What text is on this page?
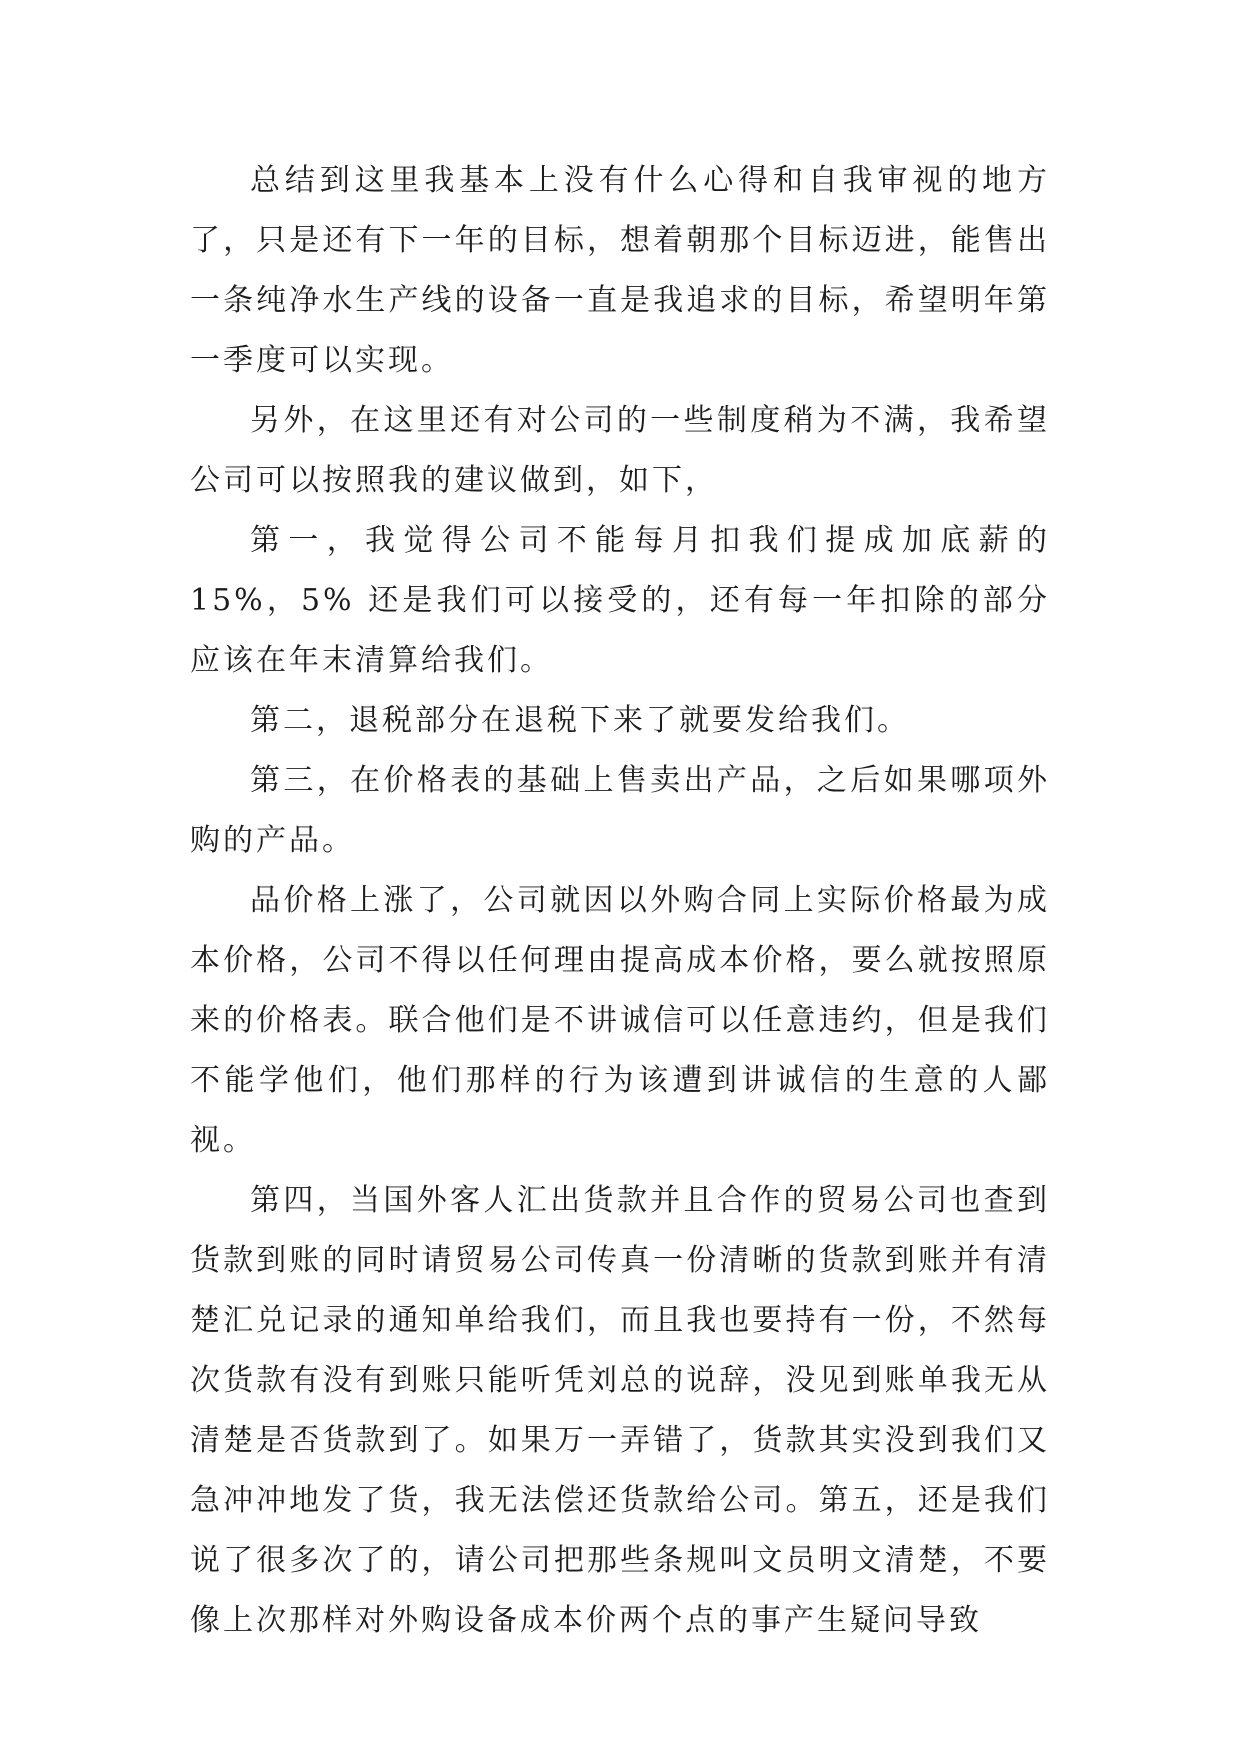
总结到这里我基本上没有什么心得和自我审视的地方了，只是还有下一年的目标，想着朝那个目标迈进，能售出一条纯净水生产线的设备一直是我追求的目标，希望明年第一季度可以实现。

另外，在这里还有对公司的一些制度稍为不满，我希望公司可以按照我的建议做到，如下，

第一，我觉得公司不能每月扣我们提成加底薪的 15%，5% 还是我们可以接受的，还有每一年扣除的部分应该在年末清算给我们。

第二，退税部分在退税下来了就要发给我们。

第三，在价格表的基础上售卖出产品，之后如果哪项外购的产品。

品价格上涨了，公司就因以外购合同上实际价格最为成本价格，公司不得以任何理由提高成本价格，要么就按照原来的价格表。联合他们是不讲诚信可以任意违约，但是我们不能学他们，他们那样的行为该遭到讲诚信的生意的人鄙视。

第四，当国外客人汇出货款并且合作的贸易公司也查到货款到账的同时请贸易公司传真一份清晰的货款到账并有清楚汇兑记录的通知单给我们，而且我也要持有一份，不然每次货款有没有到账只能听凭刘总的说辞，没见到账单我无从清楚是否货款到了。如果万一弄错了，货款其实没到我们又急冲冲地发了货，我无法偿还货款给公司。第五，还是我们说了很多次了的，请公司把那些条规叫文员明文清楚，不要像上次那样对外购设备成本价两个点的事产生疑问导致
